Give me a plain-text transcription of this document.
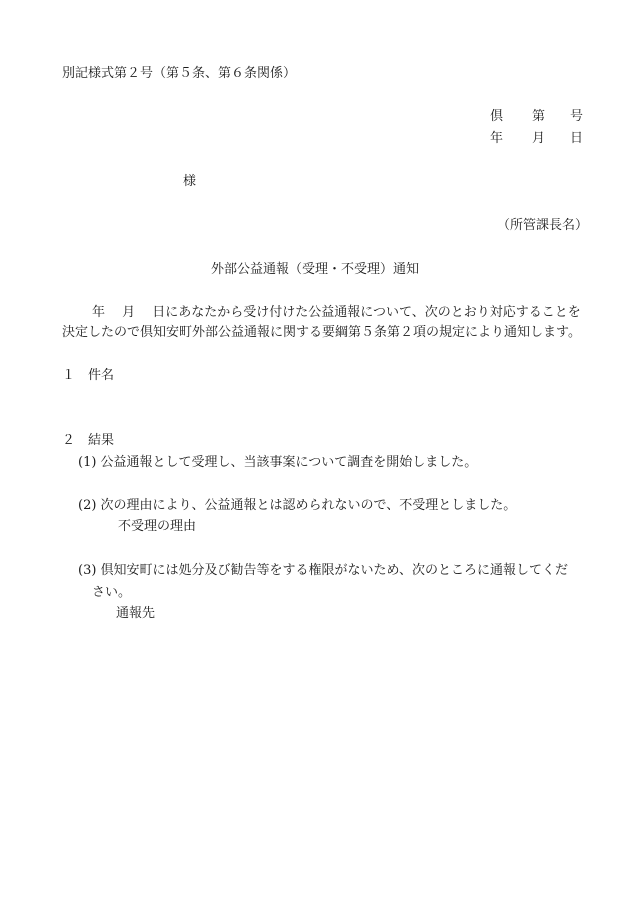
別記様式第２号（第５条、第６条関係）
倶 第 号
年 月 日
様
（所管課長名）
外部公益通報（受理・不受理）通知
年　 月　 日にあなたから受け付けた公益通報について、次のとおり対応することを
決定したので倶知安町外部公益通報に関する要綱第５条第２項の規定により通知します。
１　件名
２　結果
(1) 公益通報として受理し、当該事案について調査を開始しました。
(2) 次の理由により、公益通報とは認められないので、不受理としました。
不受理の理由
(3) 倶知安町には処分及び勧告等をする権限がないため、次のところに通報してくだ
さい。
通報先
